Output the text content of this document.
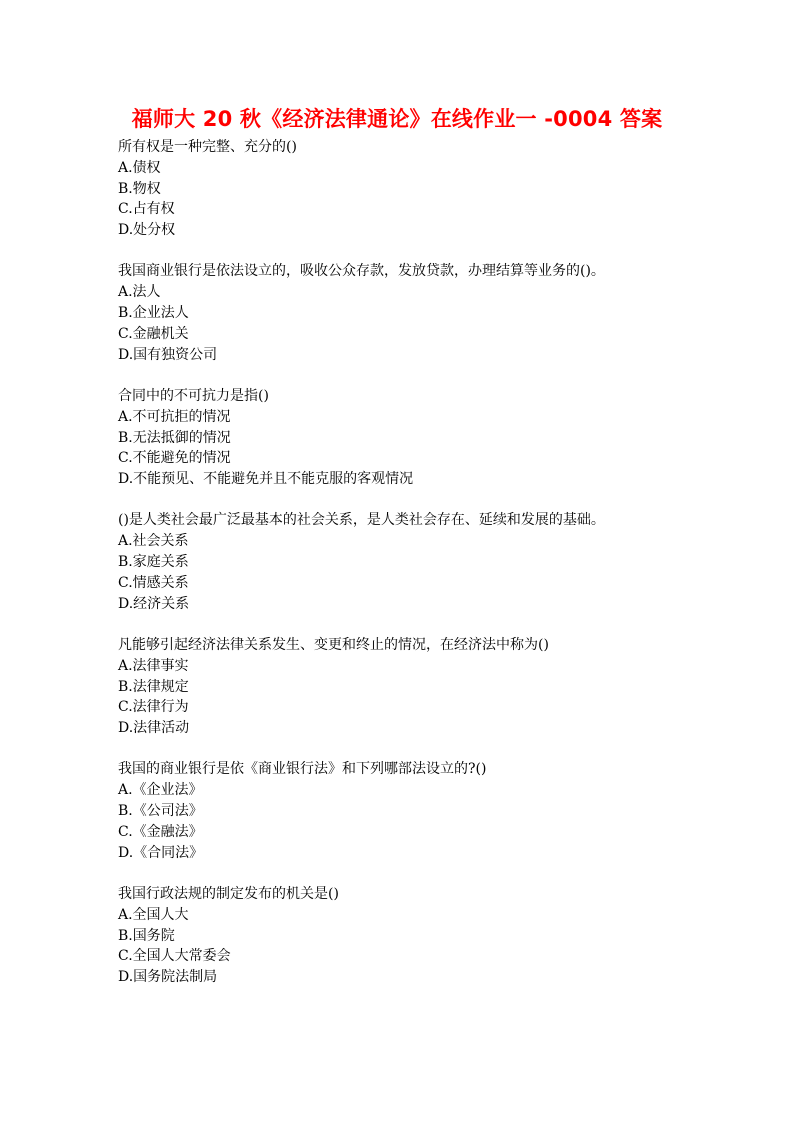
福师大 20 秋《经济法律通论》在线作业一 -0004 答案
所有权是一种完整、充分的()
A.债权
B.物权
C.占有权
D.处分权
我国商业银行是依法设立的，吸收公众存款，发放贷款，办理结算等业务的()。
A.法人
B.企业法人
C.金融机关
D.国有独资公司
合同中的不可抗力是指()
A.不可抗拒的情况
B.无法抵御的情况
C.不能避免的情况
D.不能预见、不能避免并且不能克服的客观情况
()是人类社会最广泛最基本的社会关系，是人类社会存在、延续和发展的基础。
A.社会关系
B.家庭关系
C.情感关系
D.经济关系
凡能够引起经济法律关系发生、变更和终止的情况，在经济法中称为()
A.法律事实
B.法律规定
C.法律行为
D.法律活动
我国的商业银行是依《商业银行法》和下列哪部法设立的?()
A.《企业法》
B.《公司法》
C.《金融法》
D.《合同法》
我国行政法规的制定发布的机关是()
A.全国人大
B.国务院
C.全国人大常委会
D.国务院法制局
